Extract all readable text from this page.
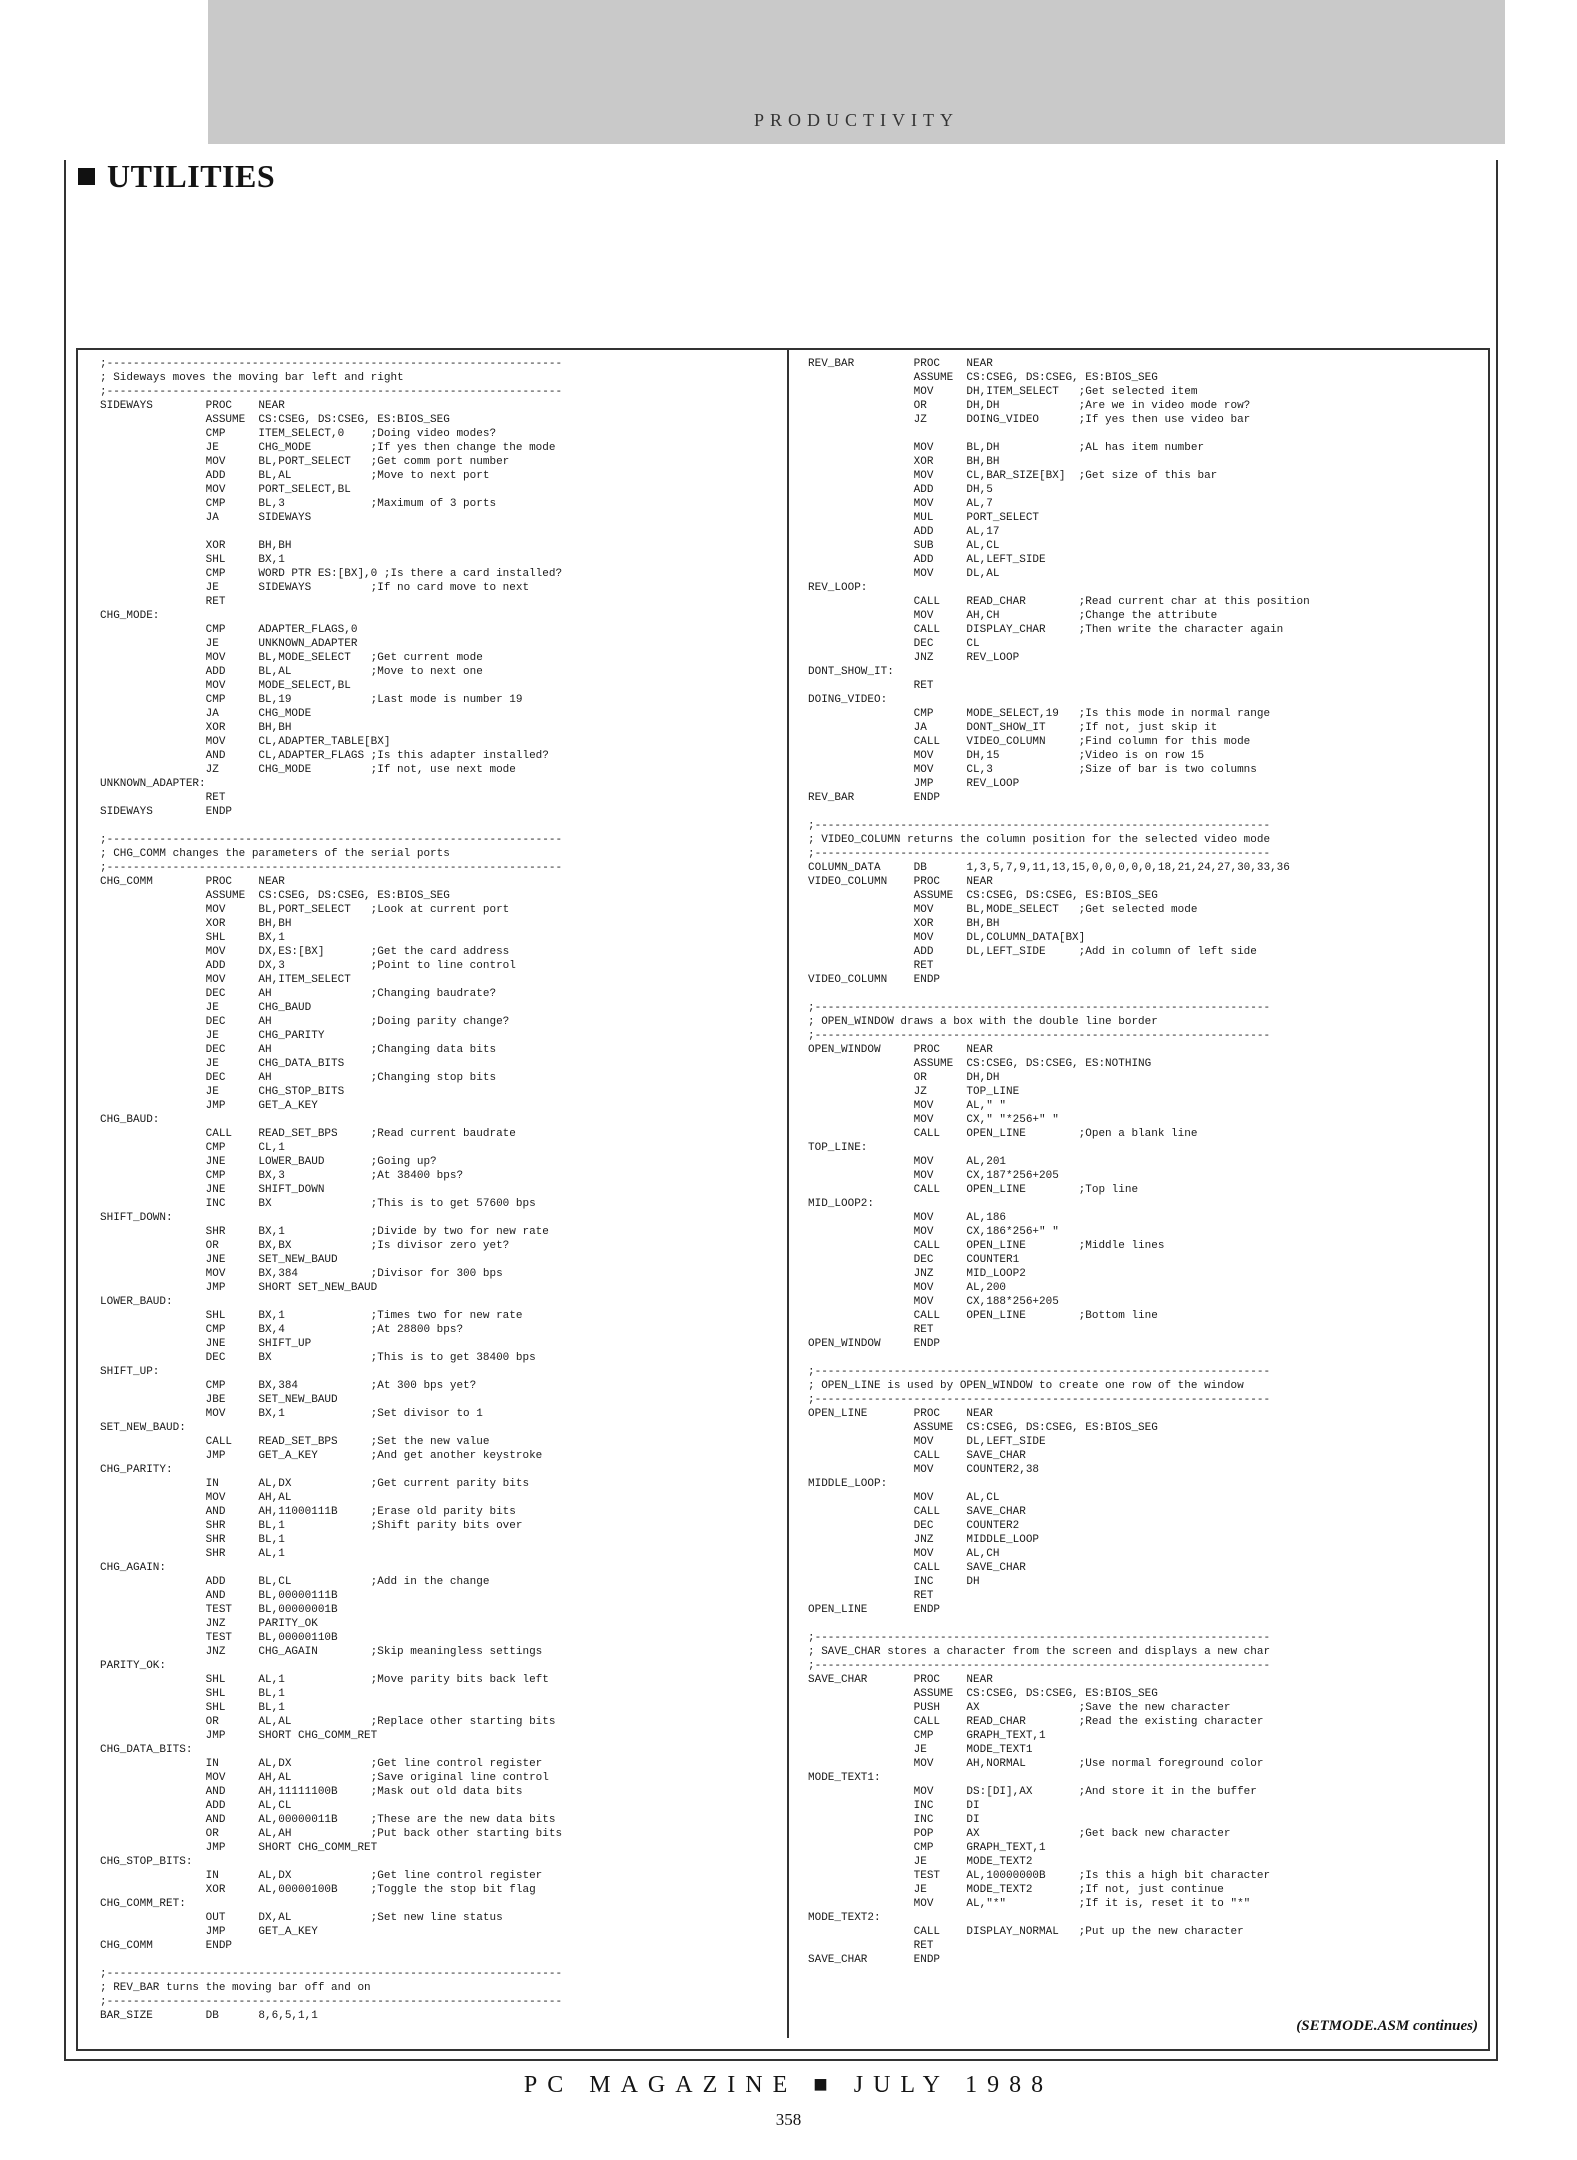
PRODUCTIVITY
UTILITIES
;---------------------------------------------------------------------
; Sideways moves the moving bar left and right
;---------------------------------------------------------------------
SIDEWAYS        PROC    NEAR
ASSUME  CS:CSEG, DS:CSEG, ES:BIOS_SEG
CMP     ITEM_SELECT,0    ;Doing video modes?
JE      CHG_MODE         ;If yes then change the mode
MOV     BL,PORT_SELECT   ;Get comm port number
ADD     BL,AL            ;Move to next port
MOV     PORT_SELECT,BL
CMP     BL,3             ;Maximum of 3 ports
JA      SIDEWAYS
XOR     BH,BH
SHL     BX,1
CMP     WORD PTR ES:[BX],0 ;Is there a card installed?
JE      SIDEWAYS         ;If no card move to next
RET
CHG_MODE:
CMP     ADAPTER_FLAGS,0
JE      UNKNOWN_ADAPTER
MOV     BL,MODE_SELECT   ;Get current mode
ADD     BL,AL            ;Move to next one
MOV     MODE_SELECT,BL
CMP     BL,19            ;Last mode is number 19
JA      CHG_MODE
XOR     BH,BH
MOV     CL,ADAPTER_TABLE[BX]
AND     CL,ADAPTER_FLAGS ;Is this adapter installed?
JZ      CHG_MODE         ;If not, use next mode
UNKNOWN_ADAPTER:
RET
SIDEWAYS        ENDP
;---------------------------------------------------------------------
; CHG_COMM changes the parameters of the serial ports
;---------------------------------------------------------------------
CHG_COMM        PROC    NEAR
ASSUME  CS:CSEG, DS:CSEG, ES:BIOS_SEG
MOV     BL,PORT_SELECT   ;Look at current port
XOR     BH,BH
SHL     BX,1
MOV     DX,ES:[BX]       ;Get the card address
ADD     DX,3             ;Point to line control
MOV     AH,ITEM_SELECT
DEC     AH               ;Changing baudrate?
JE      CHG_BAUD
DEC     AH               ;Doing parity change?
JE      CHG_PARITY
DEC     AH               ;Changing data bits
JE      CHG_DATA_BITS
DEC     AH               ;Changing stop bits
JE      CHG_STOP_BITS
JMP     GET_A_KEY
CHG_BAUD:
CALL    READ_SET_BPS     ;Read current baudrate
CMP     CL,1
JNE     LOWER_BAUD       ;Going up?
CMP     BX,3             ;At 38400 bps?
JNE     SHIFT_DOWN
INC     BX               ;This is to get 57600 bps
SHIFT_DOWN:
SHR     BX,1             ;Divide by two for new rate
OR      BX,BX            ;Is divisor zero yet?
JNE     SET_NEW_BAUD
MOV     BX,384           ;Divisor for 300 bps
JMP     SHORT SET_NEW_BAUD
LOWER_BAUD:
SHL     BX,1             ;Times two for new rate
CMP     BX,4             ;At 28800 bps?
JNE     SHIFT_UP
DEC     BX               ;This is to get 38400 bps
SHIFT_UP:
CMP     BX,384           ;At 300 bps yet?
JBE     SET_NEW_BAUD
MOV     BX,1             ;Set divisor to 1
SET_NEW_BAUD:
CALL    READ_SET_BPS     ;Set the new value
JMP     GET_A_KEY        ;And get another keystroke
CHG_PARITY:
IN      AL,DX            ;Get current parity bits
MOV     AH,AL
AND     AH,11000111B     ;Erase old parity bits
SHR     BL,1             ;Shift parity bits over
SHR     BL,1
SHR     AL,1
CHG_AGAIN:
ADD     BL,CL            ;Add in the change
AND     BL,00000111B
TEST    BL,00000001B
JNZ     PARITY_OK
TEST    BL,00000110B
JNZ     CHG_AGAIN        ;Skip meaningless settings
PARITY_OK:
SHL     AL,1             ;Move parity bits back left
SHL     BL,1
SHL     BL,1
OR      AL,AL            ;Replace other starting bits
JMP     SHORT CHG_COMM_RET
CHG_DATA_BITS:
IN      AL,DX            ;Get line control register
MOV     AH,AL            ;Save original line control
AND     AH,11111100B     ;Mask out old data bits
ADD     AL,CL
AND     AL,00000011B     ;These are the new data bits
OR      AL,AH            ;Put back other starting bits
JMP     SHORT CHG_COMM_RET
CHG_STOP_BITS:
IN      AL,DX            ;Get line control register
XOR     AL,00000100B     ;Toggle the stop bit flag
CHG_COMM_RET:
OUT     DX,AL            ;Set new line status
JMP     GET_A_KEY
CHG_COMM        ENDP
;---------------------------------------------------------------------
; REV_BAR turns the moving bar off and on
;---------------------------------------------------------------------
BAR_SIZE        DB      8,6,5,1,1
REV_BAR         PROC    NEAR
ASSUME  CS:CSEG, DS:CSEG, ES:BIOS_SEG
MOV     DH,ITEM_SELECT   ;Get selected item
OR      DH,DH            ;Are we in video mode row?
JZ      DOING_VIDEO      ;If yes then use video bar
MOV     BL,DH            ;AL has item number
XOR     BH,BH
MOV     CL,BAR_SIZE[BX]  ;Get size of this bar
ADD     DH,5
MOV     AL,7
MUL     PORT_SELECT
ADD     AL,17
SUB     AL,CL
ADD     AL,LEFT_SIDE
MOV     DL,AL
REV_LOOP:
CALL    READ_CHAR        ;Read current char at this position
MOV     AH,CH            ;Change the attribute
CALL    DISPLAY_CHAR     ;Then write the character again
DEC     CL
JNZ     REV_LOOP
DONT_SHOW_IT:
RET
DOING_VIDEO:
CMP     MODE_SELECT,19   ;Is this mode in normal range
JA      DONT_SHOW_IT     ;If not, just skip it
CALL    VIDEO_COLUMN     ;Find column for this mode
MOV     DH,15            ;Video is on row 15
MOV     CL,3             ;Size of bar is two columns
JMP     REV_LOOP
REV_BAR         ENDP
;---------------------------------------------------------------------
; VIDEO_COLUMN returns the column position for the selected video mode
;---------------------------------------------------------------------
COLUMN_DATA     DB      1,3,5,7,9,11,13,15,0,0,0,0,0,18,21,24,27,30,33,36
VIDEO_COLUMN    PROC    NEAR
ASSUME  CS:CSEG, DS:CSEG, ES:BIOS_SEG
MOV     BL,MODE_SELECT   ;Get selected mode
XOR     BH,BH
MOV     DL,COLUMN_DATA[BX]
ADD     DL,LEFT_SIDE     ;Add in column of left side
RET
VIDEO_COLUMN    ENDP
;---------------------------------------------------------------------
; OPEN_WINDOW draws a box with the double line border
;---------------------------------------------------------------------
OPEN_WINDOW     PROC    NEAR
ASSUME  CS:CSEG, DS:CSEG, ES:NOTHING
OR      DH,DH
JZ      TOP_LINE
MOV     AL," "
MOV     CX," "*256+" "
CALL    OPEN_LINE        ;Open a blank line
TOP_LINE:
MOV     AL,201
MOV     CX,187*256+205
CALL    OPEN_LINE        ;Top line
MID_LOOP2:
MOV     AL,186
MOV     CX,186*256+" "
CALL    OPEN_LINE        ;Middle lines
DEC     COUNTER1
JNZ     MID_LOOP2
MOV     AL,200
MOV     CX,188*256+205
CALL    OPEN_LINE        ;Bottom line
RET
OPEN_WINDOW     ENDP
;---------------------------------------------------------------------
; OPEN_LINE is used by OPEN_WINDOW to create one row of the window
;---------------------------------------------------------------------
OPEN_LINE       PROC    NEAR
ASSUME  CS:CSEG, DS:CSEG, ES:BIOS_SEG
MOV     DL,LEFT_SIDE
CALL    SAVE_CHAR
MOV     COUNTER2,38
MIDDLE_LOOP:
MOV     AL,CL
CALL    SAVE_CHAR
DEC     COUNTER2
JNZ     MIDDLE_LOOP
MOV     AL,CH
CALL    SAVE_CHAR
INC     DH
RET
OPEN_LINE       ENDP
;---------------------------------------------------------------------
; SAVE_CHAR stores a character from the screen and displays a new char
;---------------------------------------------------------------------
SAVE_CHAR       PROC    NEAR
ASSUME  CS:CSEG, DS:CSEG, ES:BIOS_SEG
PUSH    AX               ;Save the new character
CALL    READ_CHAR        ;Read the existing character
CMP     GRAPH_TEXT,1
JE      MODE_TEXT1
MOV     AH,NORMAL        ;Use normal foreground color
MODE_TEXT1:
MOV     DS:[DI],AX       ;And store it in the buffer
INC     DI
INC     DI
POP     AX               ;Get back new character
CMP     GRAPH_TEXT,1
JE      MODE_TEXT2
TEST    AL,10000000B     ;Is this a high bit character
JE      MODE_TEXT2       ;If not, just continue
MOV     AL,"*"           ;If it is, reset it to "*"
MODE_TEXT2:
CALL    DISPLAY_NORMAL   ;Put up the new character
RET
SAVE_CHAR       ENDP
(SETMODE.ASM continues)
PC MAGAZINE ■ JULY 1988
358
